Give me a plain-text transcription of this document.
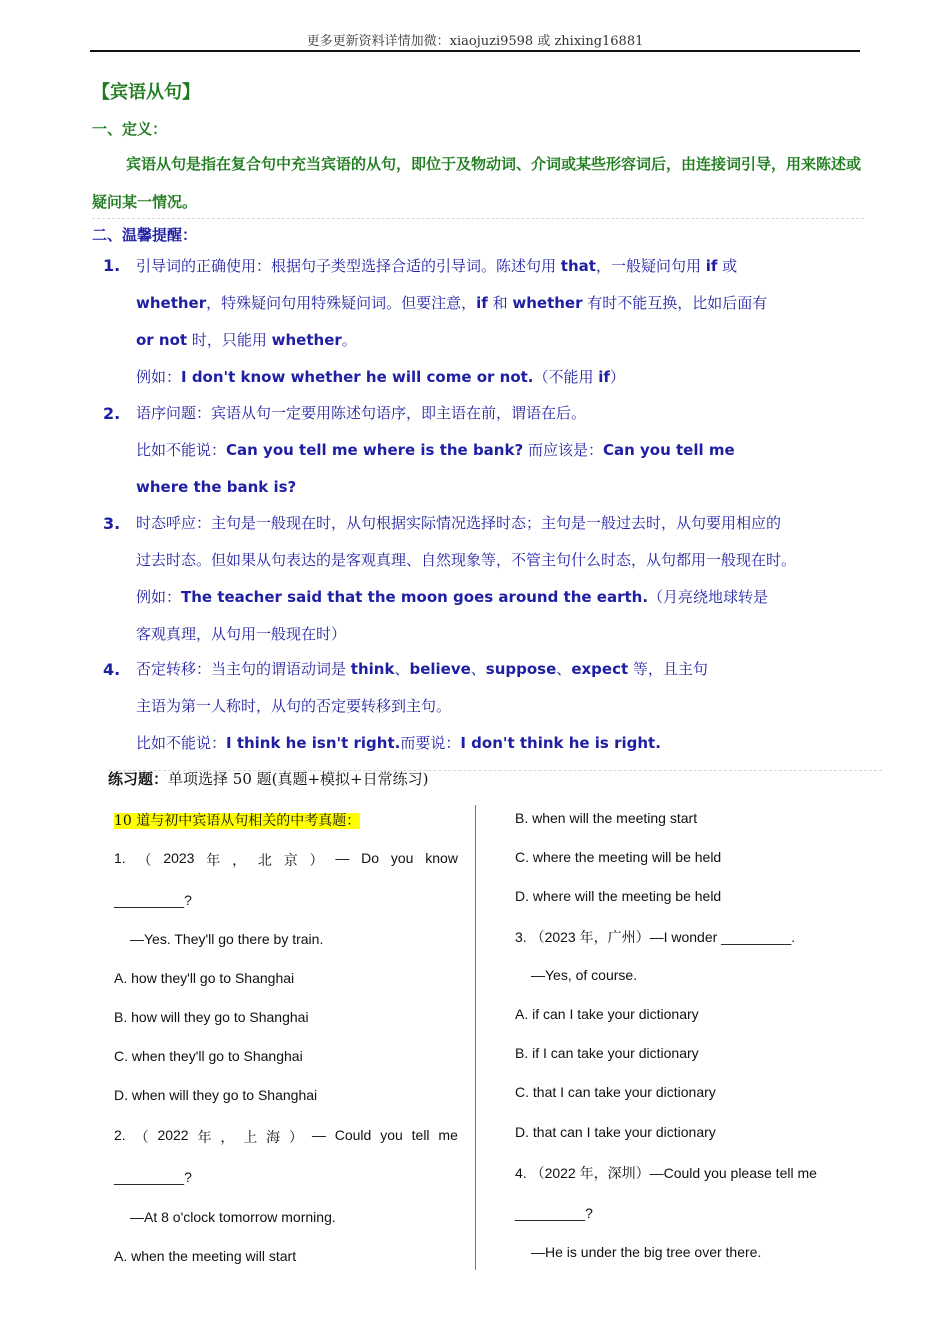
更多更新资料详情加微：xiaojuzi9598 或 zhixing16881
【宾语从句】
一、定义：
宾语从句是指在复合句中充当宾语的从句，即位于及物动词、介词或某些形容词后，由连接词引导，用来陈述或疑问某一情况。
二、温馨提醒：
1. 引导词的正确使用：根据句子类型选择合适的引导词。陈述句用 that，一般疑问句用 if 或
whether，特殊疑问句用特殊疑问词。但要注意，if 和 whether 有时不能互换，比如后面有
or not 时，只能用 whether。
例如：I don't know whether he will come or not.（不能用 if）
2. 语序问题：宾语从句一定要用陈述句语序，即主语在前，谓语在后。
比如不能说：Can you tell me where is the bank? 而应该是：Can you tell me
where the bank is?
3. 时态呼应：主句是一般现在时，从句根据实际情况选择时态；主句是一般过去时，从句要用相应的
过去时态。但如果从句表达的是客观真理、自然现象等，不管主句什么时态，从句都用一般现在时。
例如：The teacher said that the moon goes around the earth.（月亮绕地球转是
客观真理，从句用一般现在时）
4. 否定转移：当主句的谓语动词是 think、believe、suppose、expect 等，且主句
主语为第一人称时，从句的否定要转移到主句。
比如不能说：I think he isn't right.而要说：I don't think he is right.
练习题：单项选择 50 题(真题+模拟+日常练习)
10 道与初中宾语从句相关的中考真题：
1. （ 2023 年 ， 北 京 ） — Do you know
_________?
—Yes. They'll go there by train.
A. how they'll go to Shanghai
B. how will they go to Shanghai
C. when they'll go to Shanghai
D. when will they go to Shanghai
2. （ 2022 年 ， 上 海 ） — Could you tell me
_________?
—At 8 o'clock tomorrow morning.
A. when the meeting will start
B. when will the meeting start
C. where the meeting will be held
D. where will the meeting be held
3. （2023 年，广州）—I wonder _________.
—Yes, of course.
A. if can I take your dictionary
B. if I can take your dictionary
C. that I can take your dictionary
D. that can I take your dictionary
4. （2022 年，深圳）—Could you please tell me
_________?
—He is under the big tree over there.
